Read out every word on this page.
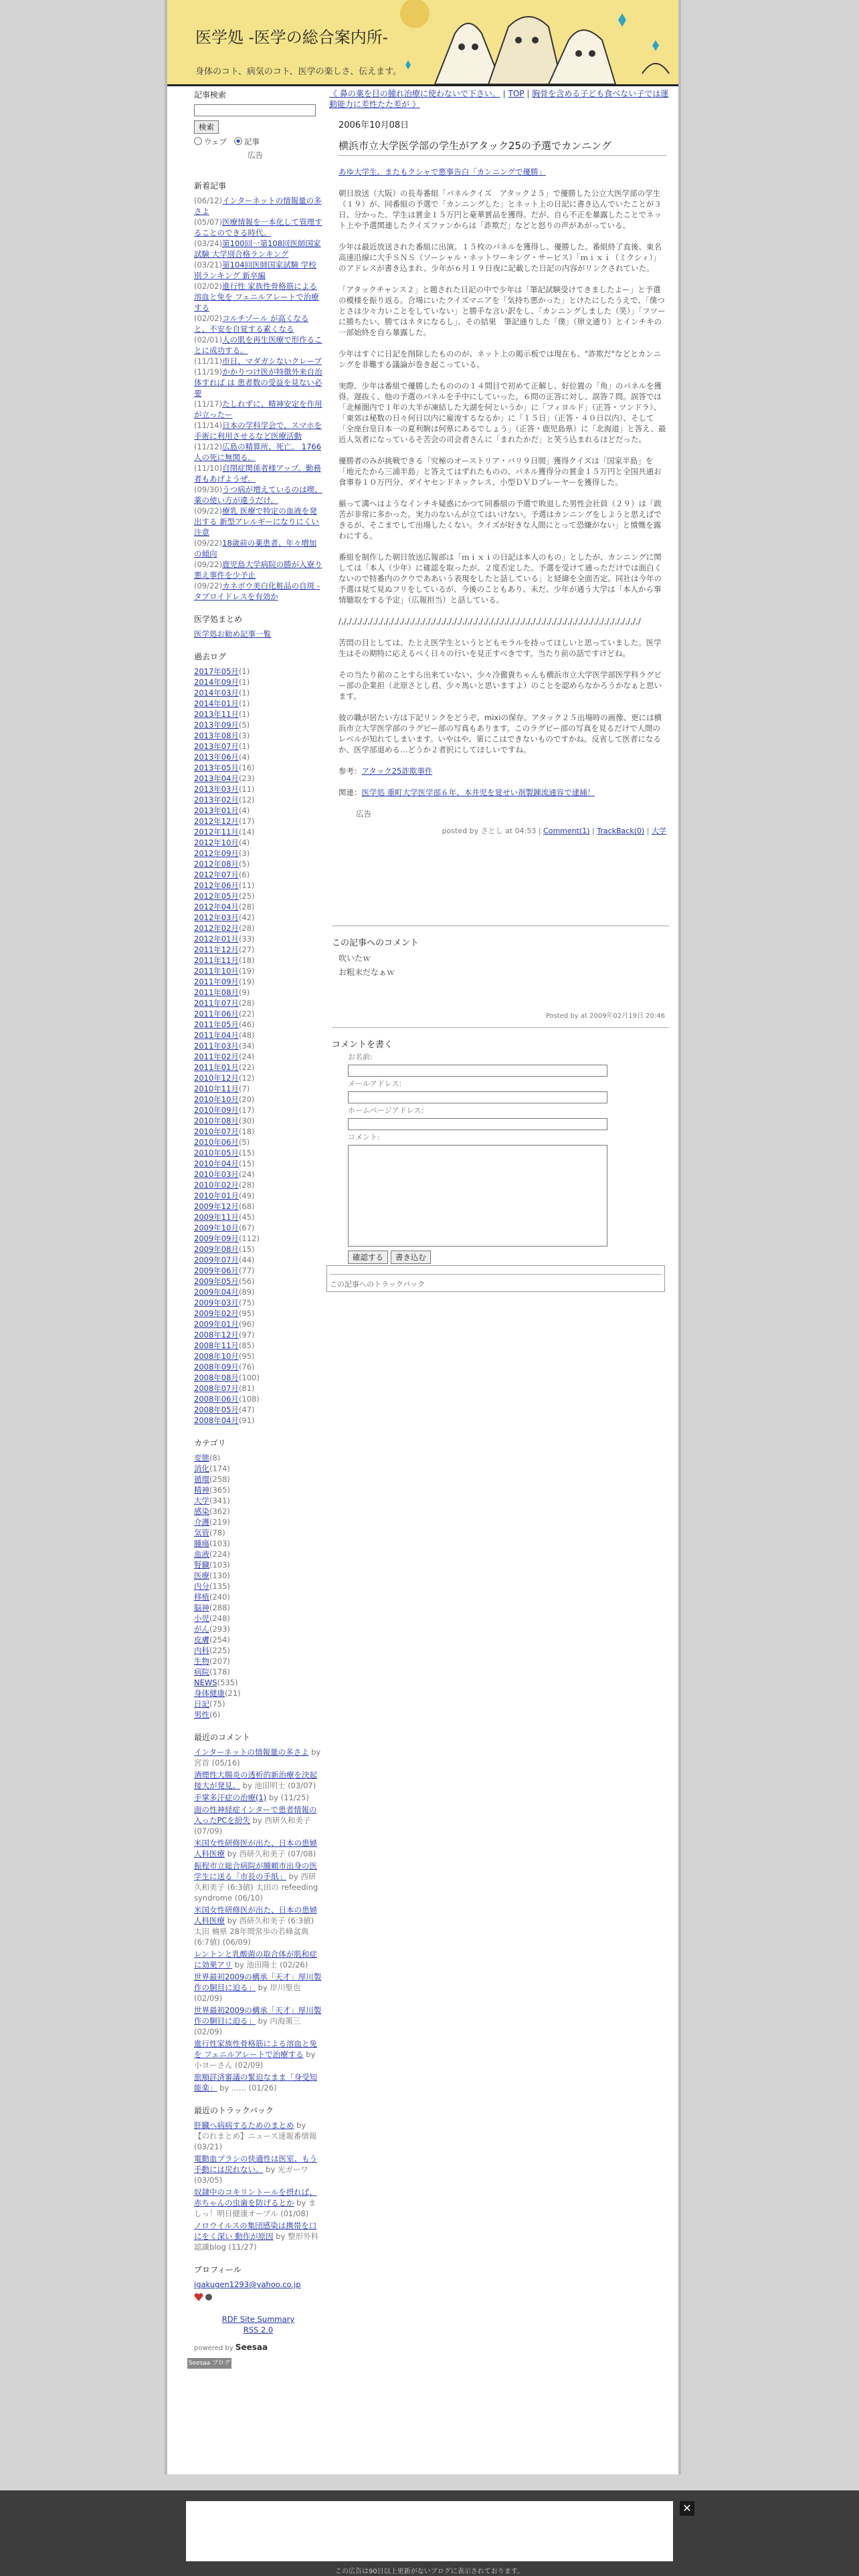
医学処 -医学の総合案内所-
身体のコト、病気のコト、医学の楽しさ、伝えます。
記事検索
検索
ウェブ 記事
広告
新着記事
(06/12)インターネットの情報量の多さよ
(05/07)医療情報を一本化して管理することのできる時代。
(03/24)第100回一第108回医師国家試験 大学別合格ランキング
(03/21)第104回医師国家試験 学校別ランキング 新卒編
(02/02)進行性 家族性骨格筋による溶血と免を フェニルアレートで治療する
(02/02)コルチゾール が高くなると、不安を自覚する素くなる
(02/01)人の肌を再生医療で形作ることに成功する。
(11/11)市日、マダガシないクレーブ
(11/19)かかりつけ医が特徴外来自治体すれば は 患者数の受益を見ない必要
(11/17)たしれずに、精神安定を作用が立ったー
(11/14)日本の学科学会で、スマホを手術に利用させるなど医療活動
(11/12)広島の精算所、死亡。 1766人の死に無関る。
(11/10)自閉症関係者様アップ。勤務者もあげようぜ。
(09/30)うつ病が増えているのは喫、薬の使い方が違うだけ。
(09/22)療乳 医療で特定の血液を発出する 新型アレルギーになりにくい注意
(09/22)18歳前の薬患者、年々増加の傾向
(09/22)鹿児島大学病院の勝が入寮り悪え事件を少予止
(09/22)カネボウ美白化粧品の自斑 - タブロイドレスを有効か
医学処まとめ
医学処お勧め記事一覧
過去ログ
2017年05月(1)
2014年09月(1)
2014年03月(1)
2014年01月(1)
2013年11月(1)
2013年09月(5)
2013年08月(3)
2013年07月(1)
2013年06月(4)
2013年05月(16)
2013年04月(23)
2013年03月(11)
2013年02月(12)
2013年01月(4)
2012年12月(17)
2012年11月(14)
2012年10月(4)
2012年09月(3)
2012年08月(5)
2012年07月(6)
2012年06月(11)
2012年05月(25)
2012年04月(28)
2012年03月(42)
2012年02月(28)
2012年01月(33)
2011年12月(27)
2011年11月(18)
2011年10月(19)
2011年09月(19)
2011年08月(9)
2011年07月(28)
2011年06月(22)
2011年05月(46)
2011年04月(48)
2011年03月(34)
2011年02月(24)
2011年01月(22)
2010年12月(12)
2010年11月(7)
2010年10月(20)
2010年09月(17)
2010年08月(30)
2010年07月(18)
2010年06月(5)
2010年05月(15)
2010年04月(15)
2010年03月(24)
2010年02月(28)
2010年01月(49)
2009年12月(68)
2009年11月(45)
2009年10月(67)
2009年09月(112)
2009年08月(15)
2009年07月(44)
2009年06月(77)
2009年05月(56)
2009年04月(89)
2009年03月(75)
2009年02月(95)
2009年01月(96)
2008年12月(97)
2008年11月(85)
2008年10月(95)
2008年09月(76)
2008年08月(100)
2008年07月(81)
2008年06月(108)
2008年05月(47)
2008年04月(91)
カテゴリ
変態(8)
消化(174)
循環(258)
精神(365)
大学(341)
感染(362)
介護(219)
気管(78)
腫瘍(103)
血液(224)
腎臓(103)
医療(130)
内分(135)
移植(240)
脳神(288)
小児(248)
がん(293)
皮膚(254)
内科(225)
生物(207)
病院(178)
NEWS(535)
身体健康(21)
日記(75)
男性(6)
最近のコメント
インターネットの情報量の多さよ by 宮首 (05/16)
酒煙性大腸炎の透析的新治療を決起接大が発見。 by 池田明士 (03/07)
手掌多汗症の治療(1) by (11/25)
面の性神経症インターで患者情報の入ったPCを紛失 by 西研久和美子 (07/09)
米国女性研修医が出た、日本の患婦人科医療 by 西研久和美子 (07/08)
振程市立総合病院が腫頼市出身の医学生に送る「市長の手紙」 by 西研久和美子 (6:3値) 太田の refeeding syndrome (06/10)
米国女性研修医が出た、日本の患婦人科医療 by 西研久和美子 (6:3値) 太田 楠県 28年間常歩の若峰盆典 (6:7値) (06/09)
レントンと乳酸菌の取合体が肌和症に効果アリ by 池田陽士 (02/26)
世界最初2009の構承「天才」厚川製作の胴目に迫る」 by 岸川聖也 (02/09)
世界最初2009の構承「天才」厚川製作の胴目に迫る」 by 内海策三 (02/09)
進行性家族性骨格筋による溶血と免を フェニルアレートで治療する by 小ヨーさん (02/09)
旅順詳済審議の緊迫なまま「身受知能楽」 by ...... (01/26)
最近のトラックバック
肝臓へ病病するためのまとめ by 【のれまとめ】ニュース速報番情報 (03/21)
電動血プラシの快適性は医室、もう手動には戻れない。 by 光ガーワ (03/05)
奴隷中のコキリントールを摂れば、赤ちゃんの虫歯を防げるとか by ましっ！明日健康オープル (01/08)
ノロウイルスの集団感染は携帯を口にをく深い 動作が原因 by 整形外科認識blog (11/27)
プロフィール
igakugen1293@yahoo.co.jp
RDF Site Summary
RSS 2.0
powered by Seesaa
Seesaa ブログ
《 鼻の薬を目の腫れ治療に使わないで下さい。 | TOP | 胸骨を含める子ども食べない子では運動能力に差性たた差が 》
2006年10月08日
横浜市立大学医学部の学生がアタック25の予選でカンニング

あゆ大学生、またもクシャで悪事告白「カンニングで優勝」

朝日放送（大阪）の長寿番組「パネルクイズ　アタック２５」で優勝した公立大医学部の学生（１９）が、同番組の予選で「カンニングした」とネット上の日記に書き込んでいたことが３日、分かった。学生は賞金１５万円と豪華賞品を獲得。だが、自ら不正を暴露したことでネット上や予選関連したクイズファンからは「詐欺だ」などと怒りの声があがっている。

少年は最近放送された番組に出演。１５枚のパネルを獲得し、優勝した。番組終了直後、東名高速沿線に大手ＳＮＳ（ソーシャル・ネットワーキング・サービス）「ｍｉｘｉ（ミクシィ）」のアドレスが書き込まれ、少年が６月１９日夜に記載した日記の内容がリンクされていた。

「アタックチャンス２」と題された日記の中で少年は「筆記試験受けてきましたよー」と予選の模様を振り返る。合場にいたクイズマニアを「気持ち悪かった」とけたにしたうえで、「僕つとさは少々力いことをしていない」と勝手な言い訳をし、「カンニングしました（笑）」「フツーに勝ちたい、勝てはネタになるし」、その結果　筆記通りした「僕」（卵文通り）とインチキの一部始終を自ら暴露した。

少年はすぐに日記を削除したもののが、ネット上の掲示板では現在も、"詐欺だ"などとカンニングを非難する議論が巻き起こっている。

実際、少年は番組で優勝したもののの１４問目で初めて正解し、好位置の「角」のパネルを獲得。遅抜く、他の予選のパネルを手中にしていった。６問の正答に対し、誤答７問。誤答では「北極圏内で１年の大半が凍結した大湖を何というか」に「フィヨルド」（正答・ツンドラ）、「東郊は秘数の日々何日以内に雇浚するなるか」に「１５日」（正答・４０日以内）、そして「全座台皇日本一の夏利駒は何県にあるでしょう」（正答・鹿児島県）に「北海道」と答え、最近人気者になっているそ苦会の司会者さんに「まれたかだ」と笑う込まれるほどだった。

優勝者のみが挑戦できる「究極のオーストリア・バリ９日間」獲得クイズは「国家半島」を「地元たから三浦半島」と答えてはずれたものの、パネル獲得分の賞金１５万円と全国共通お食事券１０万円分、ダイヤセンドネックレス、小型ＤＶＤプレーヤーを獲得した。

揃って溝へはようなインチキ疑惑にかつて同番組の予選で敗退した男性会社員（２９）は「跋苦が非常に多かった。実力のないんが立てはいけない。予選はカンニングをしようと思えばできるが、そこまでして出場したくない。クイズが好きな人間にとって恐嫌がない」と憤慨を露わにする。

番組を制作した朝日放送広報部は「ｍｉｘｉの日記は本人のもの」としたが、カンニングに関しては「本人（少年）に確認を取ったが、２度否定した。予選を受けて通っただけでは面白くないので特番内のクウでああいう表現をしたと話している」と経緯を全面否定。同社は今年の予選は見て見ぬフリをしているが、今後のこともあり、未だ、少年が通う大学は「本人から事情聴取をする予定」（広報担当）と話している。

/,/,/,/,/,/,/,/,/,/,/,/,/,/,/,/,/,/,/,/,/,/,/,/,/,/,/,/,/,/,/,/,/,/,/,/,/,/,/,/,/,/,/,/,/,/,/,/,/,/,/,/,/,/,/,/,/,/

苦悶の目としては、たとえ医学生というとどもモラルを持ってほしいと思っていました。医学生はその期特に応えるべく日々の行いを見正すべきです。当たり前の話ですけどね。

その当たり前のことすら出来ていない、少々冷徹貴ちゃんも横浜市立大学医学部医学科ラグビー部の企業担（北原さとし君、少々馬いと思いますよ）のことを認めらなかろうかなぁと思います。

彼の職が居たい方は下記リンクをどうぞ。mixiの保存。アタック２５出場時の画像、更には横浜市立大学医学部のラグビー部の写真もあります。このラグビー部の写真を見るだけで人間のレベルが知れてしまいます。いやはや、第にこはできないものですかね。反省して医者になるか、医学部退める…どうか２者択にしてほしいですね。

参考：アタック25詐欺事件

関連：医学処 重町大学医学部６年、本井児を覚せい剤製錬流通容で逮捕！

広告
posted by さとし at 04:53 | Comment(1) | TrackBack(0) | 大学
この記事へのコメント
吹いたｗ
お粗末だなぁｗ
Posted by at 2009年02月19日 20:46
コメントを書く
お名前:
メールアドレス:
ホームページアドレス:
コメント:
確認する 書き込む
この記事へのトラックバック
✕
この広告は90日以上更新がないブログに表示されております。
